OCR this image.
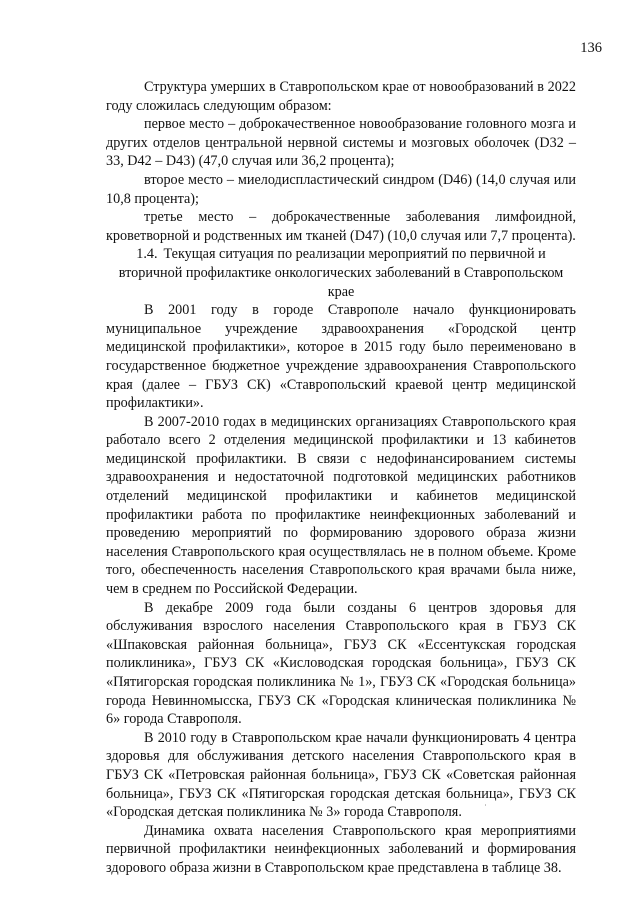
136

Структура умерших в Ставропольском крае от новообразований в 2022 году сложилась следующим образом:

первое место – доброкачественное новообразование головного мозга и других отделов центральной нервной системы и мозговых оболочек (D32 – 33, D42 – D43) (47,0 случая или 36,2 процента);

второе место – миелодиспластический синдром (D46) (14,0 случая или 10,8 процента);

третье место – доброкачественные заболевания лимфоидной, кроветворной и родственных им тканей (D47) (10,0 случая или 7,7 процента).

1.4. Текущая ситуация по реализации мероприятий по первичной и вторичной профилактике онкологических заболеваний в Ставропольском крае

В 2001 году в городе Ставрополе начало функционировать муниципальное учреждение здравоохранения «Городской центр медицинской профилактики», которое в 2015 году было переименовано в государственное бюджетное учреждение здравоохранения Ставропольского края (далее – ГБУЗ СК) «Ставропольский краевой центр медицинской профилактики».

В 2007-2010 годах в медицинских организациях Ставропольского края работало всего 2 отделения медицинской профилактики и 13 кабинетов медицинской профилактики. В связи с недофинансированием системы здравоохранения и недостаточной подготовкой медицинских работников отделений медицинской профилактики и кабинетов медицинской профилактики работа по профилактике неинфекционных заболеваний и проведению мероприятий по формированию здорового образа жизни населения Ставропольского края осуществлялась не в полном объеме. Кроме того, обеспеченность населения Ставропольского края врачами была ниже, чем в среднем по Российской Федерации.

В декабре 2009 года были созданы 6 центров здоровья для обслуживания взрослого населения Ставропольского края в ГБУЗ СК «Шпаковская районная больница», ГБУЗ СК «Ессентукская городская поликлиника», ГБУЗ СК «Кисловодская городская больница», ГБУЗ СК «Пятигорская городская поликлиника № 1», ГБУЗ СК «Городская больница» города Невинномысска, ГБУЗ СК «Городская клиническая поликлиника № 6» города Ставрополя.

В 2010 году в Ставропольском крае начали функционировать 4 центра здоровья для обслуживания детского населения Ставропольского края в ГБУЗ СК «Петровская районная больница», ГБУЗ СК «Советская районная больница», ГБУЗ СК «Пятигорская городская детская больница», ГБУЗ СК «Городская детская поликлиника № 3» города Ставрополя.

Динамика охвата населения Ставропольского края мероприятиями первичной профилактики неинфекционных заболеваний и формирования здорового образа жизни в Ставропольском крае представлена в таблице 38.

˙
